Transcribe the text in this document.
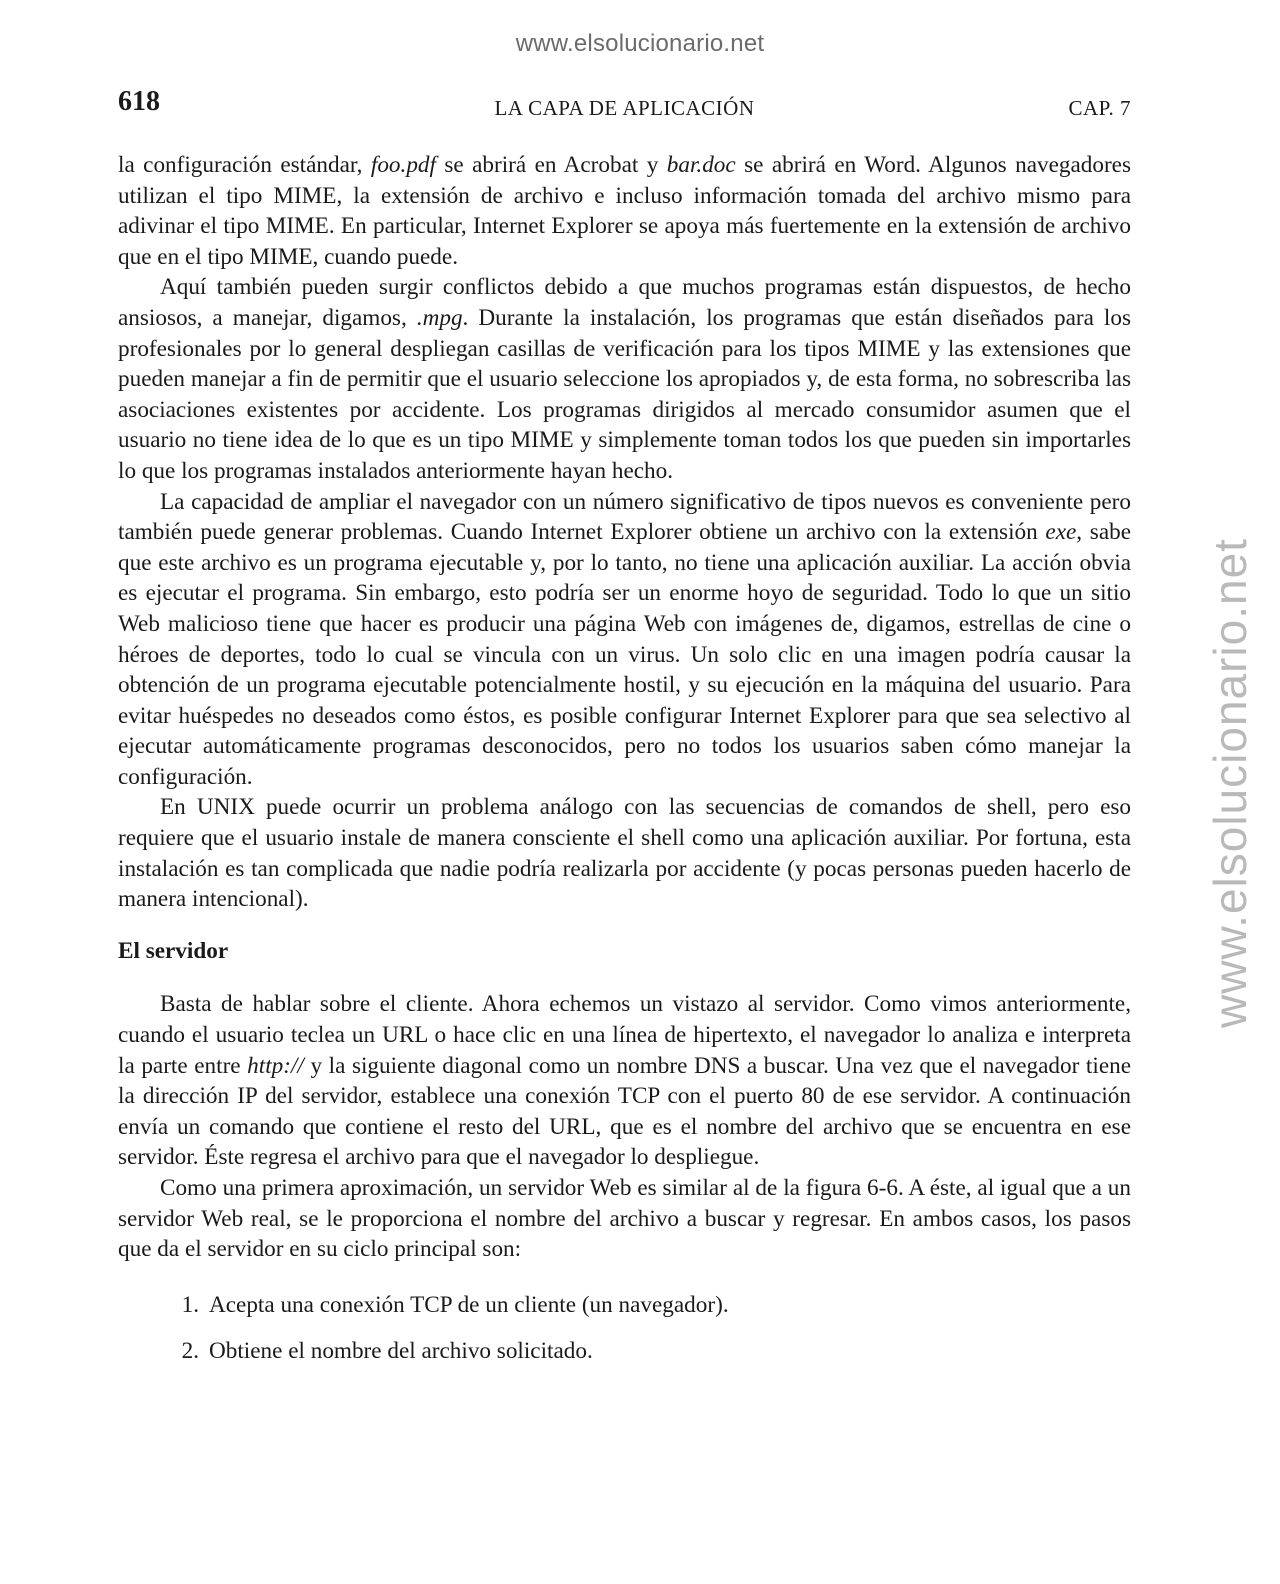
www.elsolucionario.net
www.elsolucionario.net
618	LA CAPA DE APLICACIÓN	CAP. 7

la configuración estándar, foo.pdf se abrirá en Acrobat y bar.doc se abrirá en Word. Algunos navegadores utilizan el tipo MIME, la extensión de archivo e incluso información tomada del archivo mismo para adivinar el tipo MIME. En particular, Internet Explorer se apoya más fuertemente en la extensión de archivo que en el tipo MIME, cuando puede.

Aquí también pueden surgir conflictos debido a que muchos programas están dispuestos, de hecho ansiosos, a manejar, digamos, .mpg. Durante la instalación, los programas que están diseñados para los profesionales por lo general despliegan casillas de verificación para los tipos MIME y las extensiones que pueden manejar a fin de permitir que el usuario seleccione los apropiados y, de esta forma, no sobrescriba las asociaciones existentes por accidente. Los programas dirigidos al mercado consumidor asumen que el usuario no tiene idea de lo que es un tipo MIME y simplemente toman todos los que pueden sin importarles lo que los programas instalados anteriormente hayan hecho.

La capacidad de ampliar el navegador con un número significativo de tipos nuevos es conveniente pero también puede generar problemas. Cuando Internet Explorer obtiene un archivo con la extensión exe, sabe que este archivo es un programa ejecutable y, por lo tanto, no tiene una aplicación auxiliar. La acción obvia es ejecutar el programa. Sin embargo, esto podría ser un enorme hoyo de seguridad. Todo lo que un sitio Web malicioso tiene que hacer es producir una página Web con imágenes de, digamos, estrellas de cine o héroes de deportes, todo lo cual se vincula con un virus. Un solo clic en una imagen podría causar la obtención de un programa ejecutable potencialmente hostil, y su ejecución en la máquina del usuario. Para evitar huéspedes no deseados como éstos, es posible configurar Internet Explorer para que sea selectivo al ejecutar automáticamente programas desconocidos, pero no todos los usuarios saben cómo manejar la configuración.

En UNIX puede ocurrir un problema análogo con las secuencias de comandos de shell, pero eso requiere que el usuario instale de manera consciente el shell como una aplicación auxiliar. Por fortuna, esta instalación es tan complicada que nadie podría realizarla por accidente (y pocas personas pueden hacerlo de manera intencional).

El servidor

Basta de hablar sobre el cliente. Ahora echemos un vistazo al servidor. Como vimos anteriormente, cuando el usuario teclea un URL o hace clic en una línea de hipertexto, el navegador lo analiza e interpreta la parte entre http:// y la siguiente diagonal como un nombre DNS a buscar. Una vez que el navegador tiene la dirección IP del servidor, establece una conexión TCP con el puerto 80 de ese servidor. A continuación envía un comando que contiene el resto del URL, que es el nombre del archivo que se encuentra en ese servidor. Éste regresa el archivo para que el navegador lo despliegue.

Como una primera aproximación, un servidor Web es similar al de la figura 6-6. A éste, al igual que a un servidor Web real, se le proporciona el nombre del archivo a buscar y regresar. En ambos casos, los pasos que da el servidor en su ciclo principal son:

1. Acepta una conexión TCP de un cliente (un navegador).
2. Obtiene el nombre del archivo solicitado.
